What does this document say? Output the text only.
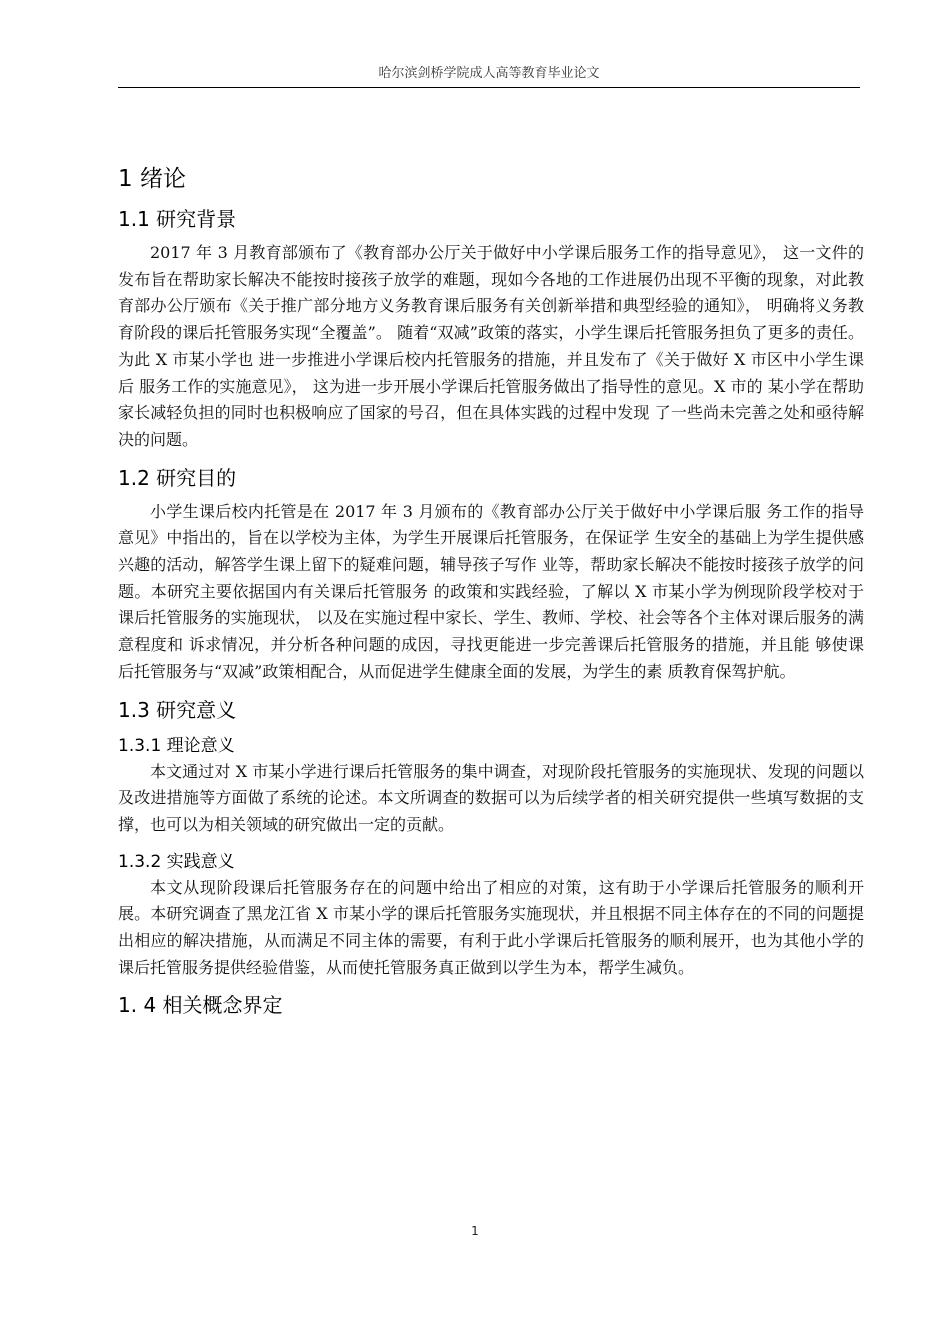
哈尔滨剑桥学院成人高等教育毕业论文
1 绪论
1.1 研究背景

2017 年 3 月教育部颁布了《教育部办公厅关于做好中小学课后服务工作的指导意见》， 这一文件的发布旨在帮助家长解决不能按时接孩子放学的难题，现如今各地的工作进展仍出现不平衡的现象，对此教育部办公厅颁布《关于推广部分地方义务教育课后服务有关创新举措和典型经验的通知》， 明确将义务教育阶段的课后托管服务实现“全覆盖”。 随着“双减”政策的落实，小学生课后托管服务担负了更多的责任。为此 X 市某小学也 进一步推进小学课后校内托管服务的措施，并且发布了《关于做好 X 市区中小学生课后 服务工作的实施意见》， 这为进一步开展小学课后托管服务做出了指导性的意见。X 市的 某小学在帮助家长减轻负担的同时也积极响应了国家的号召，但在具体实践的过程中发现 了一些尚未完善之处和亟待解决的问题。

1.2 研究目的

小学生课后校内托管是在 2017 年 3 月颁布的《教育部办公厅关于做好中小学课后服 务工作的指导意见》中指出的，旨在以学校为主体，为学生开展课后托管服务，在保证学 生安全的基础上为学生提供感兴趣的活动，解答学生课上留下的疑难问题，辅导孩子写作 业等，帮助家长解决不能按时接孩子放学的问题。本研究主要依据国内有关课后托管服务 的政策和实践经验，了解以 X 市某小学为例现阶段学校对于课后托管服务的实施现状， 以及在实施过程中家长、学生、教师、学校、社会等各个主体对课后服务的满意程度和 诉求情况，并分析各种问题的成因，寻找更能进一步完善课后托管服务的措施，并且能 够使课后托管服务与“双减”政策相配合，从而促进学生健康全面的发展，为学生的素 质教育保驾护航。

1.3 研究意义
1.3.1 理论意义

本文通过对 X 市某小学进行课后托管服务的集中调查，对现阶段托管服务的实施现状、发现的问题以及改进措施等方面做了系统的论述。本文所调查的数据可以为后续学者的相关研究提供一些填写数据的支撑，也可以为相关领域的研究做出一定的贡献。

1.3.2 实践意义

本文从现阶段课后托管服务存在的问题中给出了相应的对策，这有助于小学课后托管服务的顺利开展。本研究调查了黑龙江省 X 市某小学的课后托管服务实施现状，并且根据不同主体存在的不同的问题提出相应的解决措施，从而满足不同主体的需要，有利于此小学课后托管服务的顺利展开，也为其他小学的课后托管服务提供经验借鉴，从而使托管服务真正做到以学生为本，帮学生减负。

1. 4 相关概念界定
1
